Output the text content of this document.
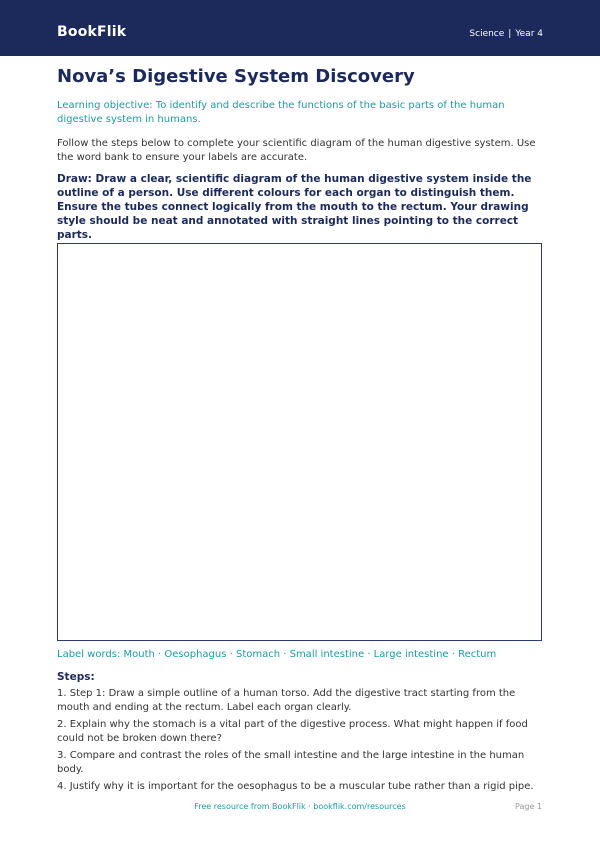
BookFlik	Science | Year 4
Nova’s Digestive System Discovery

Learning objective: To identify and describe the functions of the basic parts of the human digestive system in humans.

Follow the steps below to complete your scientific diagram of the human digestive system. Use the word bank to ensure your labels are accurate.

Draw: Draw a clear, scientific diagram of the human digestive system inside the outline of a person. Use different colours for each organ to distinguish them. Ensure the tubes connect logically from the mouth to the rectum. Your drawing style should be neat and annotated with straight lines pointing to the correct parts.

Label words: Mouth · Oesophagus · Stomach · Small intestine · Large intestine · Rectum

Steps:
1. Step 1: Draw a simple outline of a human torso. Add the digestive tract starting from the mouth and ending at the rectum. Label each organ clearly.
2. Explain why the stomach is a vital part of the digestive process. What might happen if food could not be broken down there?
3. Compare and contrast the roles of the small intestine and the large intestine in the human body.
4. Justify why it is important for the oesophagus to be a muscular tube rather than a rigid pipe.
Free resource from BookFlik · bookflik.com/resources	Page 1
